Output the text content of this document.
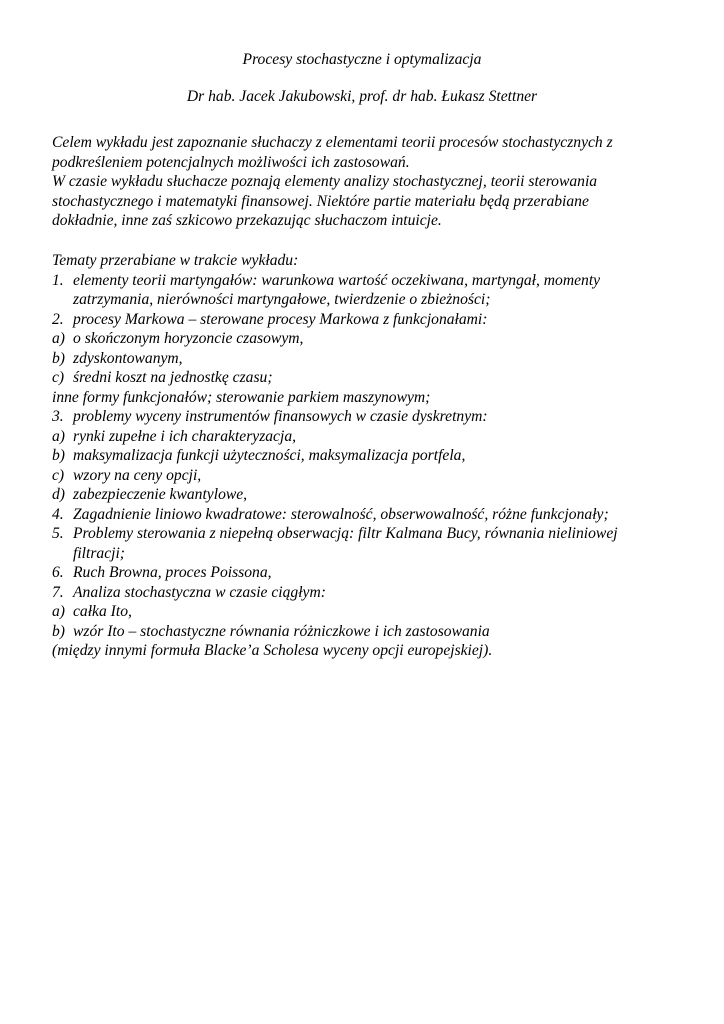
Procesy stochastyczne i optymalizacja
Dr hab. Jacek Jakubowski, prof. dr hab. Łukasz Stettner

Celem wykładu jest zapoznanie słuchaczy z elementami teorii procesów stochastycznych z

podkreśleniem potencjalnych możliwości ich zastosowań.

W czasie wykładu słuchacze poznają elementy analizy stochastycznej, teorii sterowania

stochastycznego i matematyki finansowej. Niektóre partie materiału będą przerabiane

dokładnie, inne zaś szkicowo przekazując słuchaczom intuicje.

Tematy przerabiane w trakcie wykładu:

1. elementy teorii martyngałów: warunkowa wartość oczekiwana, martyngał, momenty zatrzymania, nierówności martyngałowe, twierdzenie o zbieżności;
2. procesy Markowa – sterowane procesy Markowa z funkcjonałami:
a) o skończonym horyzoncie czasowym,
b) zdyskontowanym,
c) średni koszt na jednostkę czasu;
inne formy funkcjonałów; sterowanie parkiem maszynowym;
3. problemy wyceny instrumentów finansowych w czasie dyskretnym:
a) rynki zupełne i ich charakteryzacja,
b) maksymalizacja funkcji użyteczności, maksymalizacja portfela,
c) wzory na ceny opcji,
d) zabezpieczenie kwantylowe,
4. Zagadnienie liniowo kwadratowe: sterowalność, obserwowalność, różne funkcjonały;
5. Problemy sterowania z niepełną obserwacją: filtr Kalmana Bucy, równania nieliniowej filtracji;
6. Ruch Browna, proces Poissona,
7. Analiza stochastyczna w czasie ciągłym:
a) całka Ito,
b) wzór Ito – stochastyczne równania różniczkowe i ich zastosowania
(między innymi formuła Blacke’a Scholesa wyceny opcji europejskiej).
